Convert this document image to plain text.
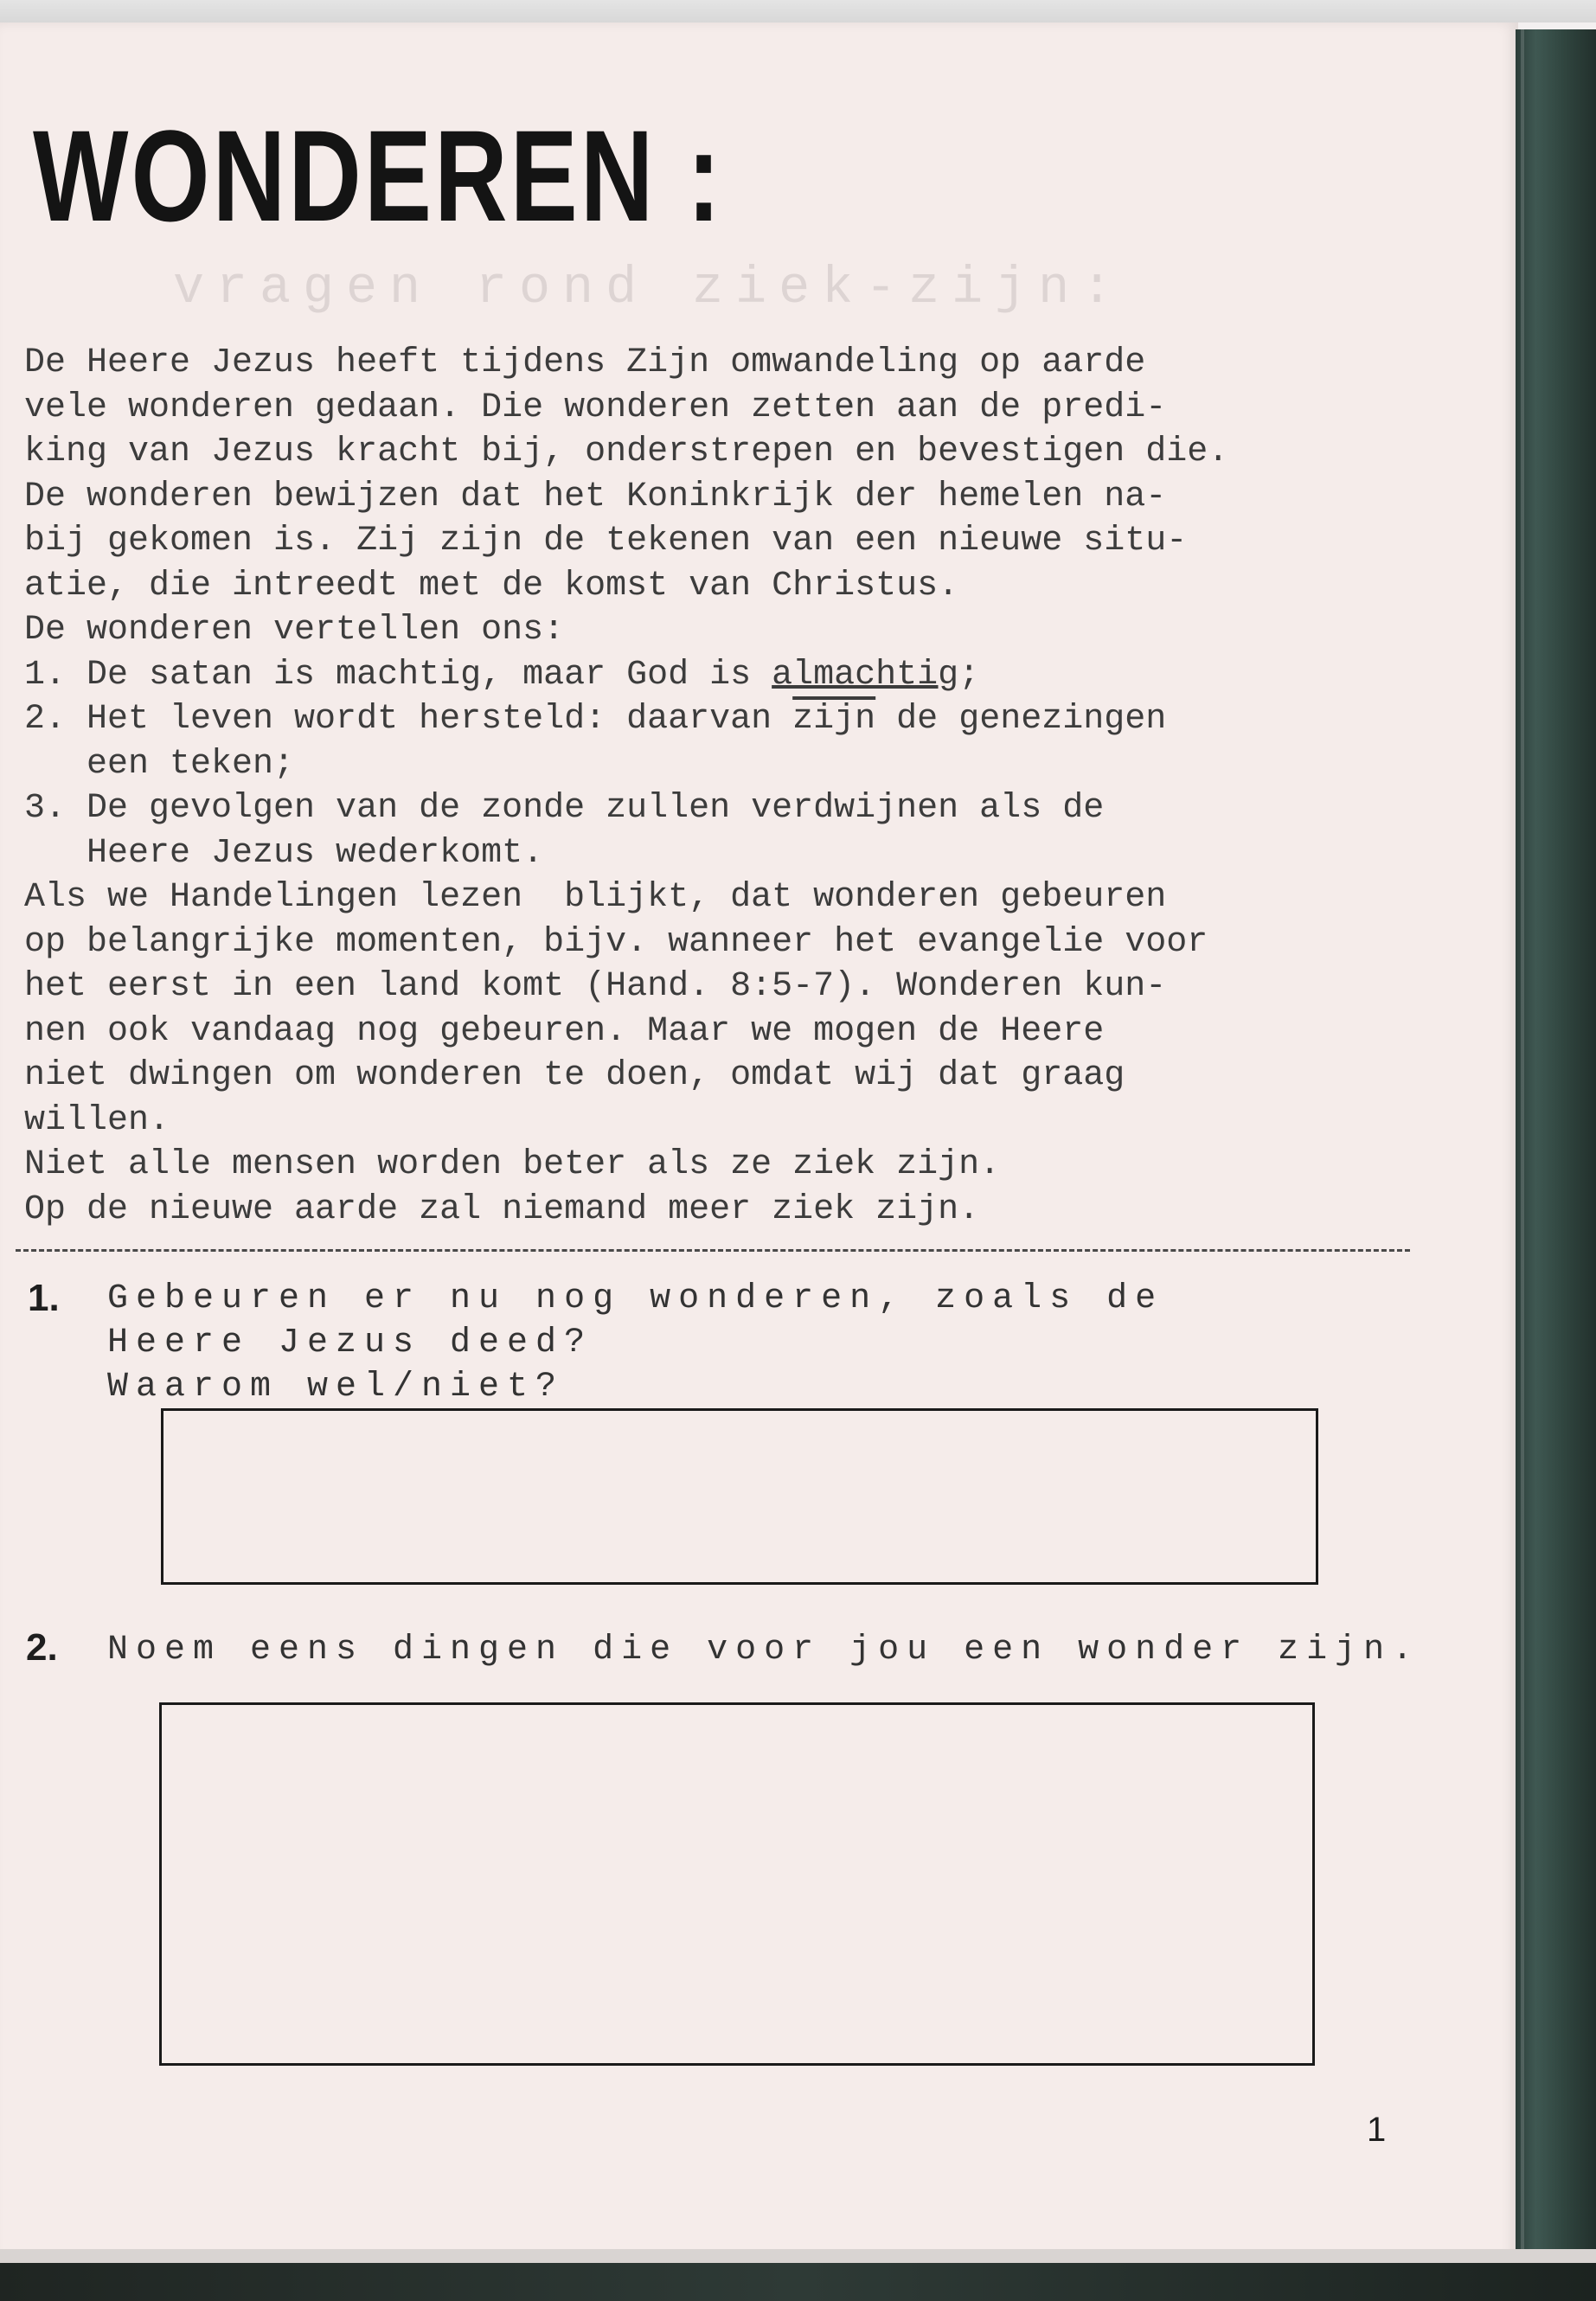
vragen rond ziek-zijn:
WONDEREN :
De Heere Jezus heeft tijdens Zijn omwandeling op aarde
vele wonderen gedaan. Die wonderen zetten aan de predi-
king van Jezus kracht bij, onderstrepen en bevestigen die.
De wonderen bewijzen dat het Koninkrijk der hemelen na-
bij gekomen is. Zij zijn de tekenen van een nieuwe situ-
atie, die intreedt met de komst van Christus.
De wonderen vertellen ons:
1. De satan is machtig, maar God is almachtig;
2. Het leven wordt hersteld: daarvan zijn de genezingen
een teken;
3. De gevolgen van de zonde zullen verdwijnen als de
Heere Jezus wederkomt.
Als we Handelingen lezen  blijkt, dat wonderen gebeuren
op belangrijke momenten, bijv. wanneer het evangelie voor
het eerst in een land komt (Hand. 8:5-7). Wonderen kun-
nen ook vandaag nog gebeuren. Maar we mogen de Heere
niet dwingen om wonderen te doen, omdat wij dat graag
willen.
Niet alle mensen worden beter als ze ziek zijn.
Op de nieuwe aarde zal niemand meer ziek zijn.
1. Gebeuren er nu nog wonderen, zoals de
Heere Jezus deed?
Waarom wel/niet?
2. Noem eens dingen die voor jou een wonder zijn.
1
